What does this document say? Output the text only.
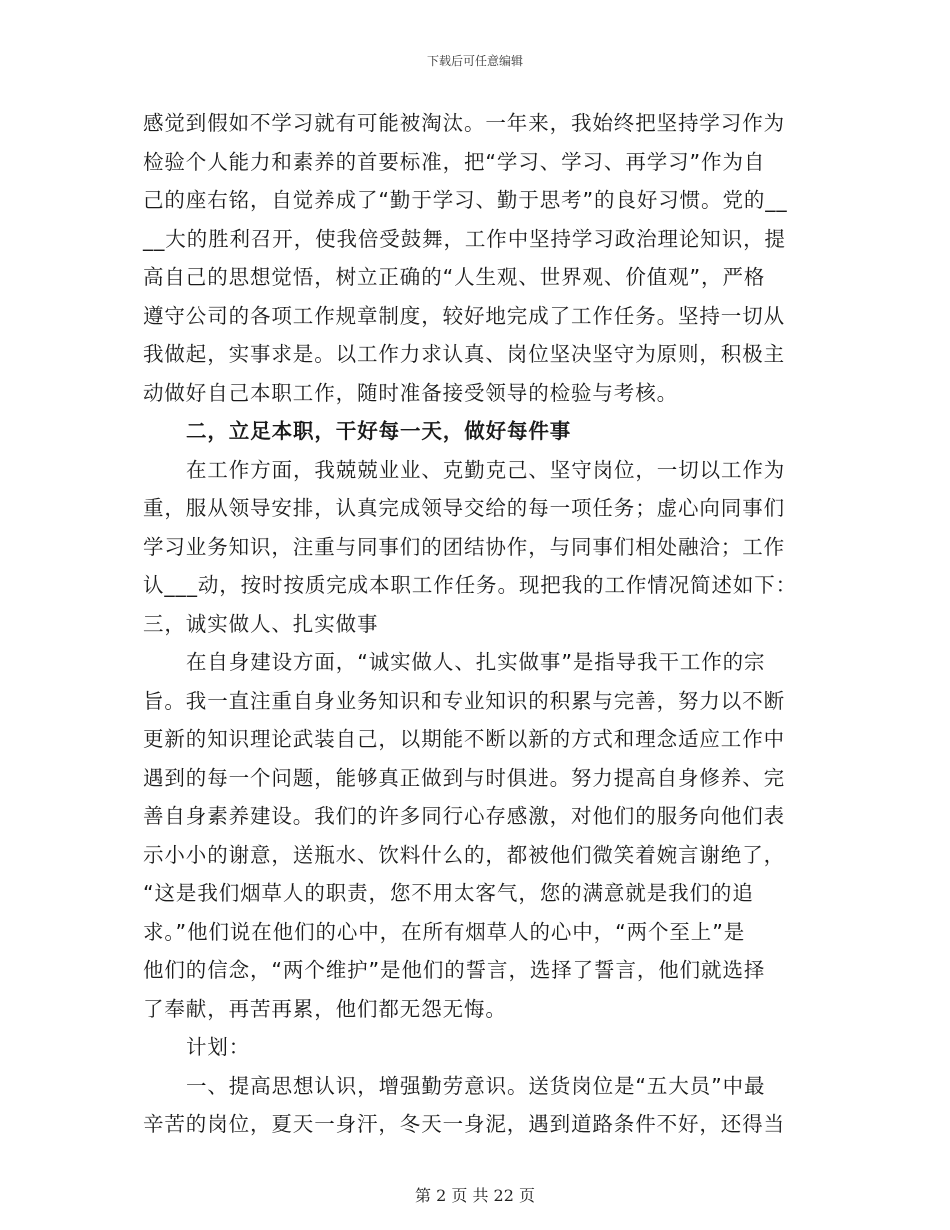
下载后可任意编辑
感觉到假如不学习就有可能被淘汰。一年来，我始终把坚持学习作为
检验个人能力和素养的首要标准，把“学习、学习、再学习”作为自
己的座右铭，自觉养成了“勤于学习、勤于思考”的良好习惯。党的__
__大的胜利召开，使我倍受鼓舞，工作中坚持学习政治理论知识，提
高自己的思想觉悟，树立正确的“人生观、世界观、价值观”，严格
遵守公司的各项工作规章制度，较好地完成了工作任务。坚持一切从
我做起，实事求是。以工作力求认真、岗位坚决坚守为原则，积极主
动做好自己本职工作，随时准备接受领导的检验与考核。
二，立足本职，干好每一天，做好每件事
在工作方面，我兢兢业业、克勤克己、坚守岗位，一切以工作为
重，服从领导安排，认真完成领导交给的每一项任务；虚心向同事们
学习业务知识，注重与同事们的团结协作，与同事们相处融洽；工作
认___动，按时按质完成本职工作任务。现把我的工作情况简述如下：
三，诚实做人、扎实做事
在自身建设方面，“诚实做人、扎实做事”是指导我干工作的宗
旨。我一直注重自身业务知识和专业知识的积累与完善，努力以不断
更新的知识理论武装自己，以期能不断以新的方式和理念适应工作中
遇到的每一个问题，能够真正做到与时俱进。努力提高自身修养、完
善自身素养建设。我们的许多同行心存感激，对他们的服务向他们表
示小小的谢意，送瓶水、饮料什么的，都被他们微笑着婉言谢绝了，
“这是我们烟草人的职责，您不用太客气，您的满意就是我们的追
求。”他们说在他们的心中，在所有烟草人的心中，“两个至上”是
他们的信念，“两个维护”是他们的誓言，选择了誓言，他们就选择
了奉献，再苦再累，他们都无怨无悔。
计划：
一、提高思想认识，增强勤劳意识。送货岗位是“五大员”中最
辛苦的岗位，夏天一身汗，冬天一身泥，遇到道路条件不好，还得当
第 2 页 共 22 页
